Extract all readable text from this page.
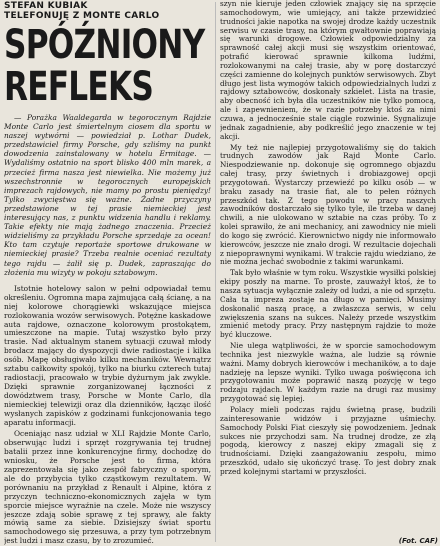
STEFAN KUBIAK

TELEFONUJĘ Z MONTE CARLO

SPÓŹNIONY
REFLEKS

— Porażka Waaldegarda w tegorocznym Rajdzie Monte Carlo jest śmiertelnym ciosem dla sportu w naszej wytwórni — powiedział p. Lothar Dudek, przedstawiciel firmy Porsche, gdy szliśmy na punkt dowodzenia zainstalowany w hotelu Ermitage. — Wydaliśmy ostatnio na sport blisko 400 mln marek, a przecież firma nasza jest niewielka. Nie możemy już wszechstronnie w tegorocznych europejskich imprezach rajdowych, nie mamy po prostu pieniędzy! Tylko zwycięstwa się ważne. Żadne przyczyny przedstawione w tej prasie niemieckiej jest interesujący nas, z punktu widzenia handlu i reklamy. Takie efekty nie mają żadnego znaczenia. Przecież widzieliśmy za przykładu Porsche sprzedaje za ocean! Kto tam czytuje reportaże sportowe drukowane w niemieckiej prasie? Trzeba realnie oceniać rezultaty tego rajdu — żalił się p. Dudek, zapraszając do złożenia mu wizyty w pokoju sztabowym.

Istotnie hotelowy salon w pełni odpowiadał temu określeniu. Ogromna mapa zajmująca całą ścianę, a na niej kolorowe chorągiewki wskazujące miejsca rozlokowania wozów serwisowych. Potężne kaskadowe auta rajdowe, oznaczone kolorowym prostokątem, umieszczone na mapie. Tutaj wszystko było przy trasie. Nad aktualnym stanem sytuacji czuwał młody brodacz mający do dyspozycji dwie radiostacje i kilka osób. Mapę obsługiwało kilku mechaników. Wewnątrz sztabu całkowity spokój, tylko na biurku czterech tutaj radiostacji, pracowało w trybie dyżurnym jak zwykle. Dzięki sprawnie zorganizowanej łączności z dowództwem trasy, Porsche w Monte Carlo, dla niemieckiej telewizji oraz dla dzienników, łącząc ilość wysłanych zapisków z godzinami funkcjonowania tego aparatu informacji.

Oceniając nasz udział w XLI Rajdzie Monte Carlo, obserwując ludzi i sprzęt rozgrywania tej trudnej batalii przez inne konkurencyjne firmy, dochodzę do wniosku, że Porsche jest to firma, która zaprezentowała się jako zespół fabryczny o sporym, ale do przybycia tylko cząstkowym rezultatem. W porównaniu na przykład z Renault i Alpine, która z przyczyn techniczno-ekonomicznych zajęła w tym sporcie miejsce wyraźnie na czele. Może nie wszyscy jeszcze zdają sobie sprawę z tej sprawy, ale fakty mówią same za siebie. Dzisiejszy świat sportu samochodowego się przesuwa, a przy tym potrzebnym jest ludzi i masz czasu, by to zrozumieć.

szyn nie kieruje jeden człowiek znający się na sprzęcie samochodowym, wie umiejący, ani także przewidzieć trudności jakie napotka na swojej drodze każdy uczestnik serwisu w czasie trasy, na którym gwałtownie poprawiają się warunki drogowe. Człowiek odpowiedzialny za sprawność całej akcji musi się wszystkim orientować, potrafić kierować sprawnie kilkoma ludźmi, rozlokowanymi na całej trasie, aby w porę dostarczyć części zamienne do kolejnych punktów serwisowych. Zbyt długo jest lista wymogów takich odpowiedzialnych ludzi z rajdowy sztabowców, doskonały szkielet. Lista na trasie, aby obecność ich była dla uczestników nie tylko pomocą, ale i zapewnieniem, że w razie potrzeby ktoś za nimi czuwa, a jednocześnie stale ciągle rozwinie. Sygnalizuje jednak zagadnienie, aby podkreślić jego znaczenie w tej akcji.

My też nie najlepiej przygotowaliśmy się do takich trudnych zawodów jak Rajd Monte Carlo. Niespodziewanie np. dokonuje się ogromnego objazdu całej trasy, przy świetnych i drobiazgowej opcji przygotowań. Wystarczy przewieźć po kilku osób — w braku zasady na trasie fiat, ale to pełen różnych przeszkód tak. Z tego powodu w pracy naszych zawodników dostarczało się tylko tyle, ile trzeba w danej chwili, a nie ulokowano w sztabie na czas próby. To z kolei sprawiło, że ani mechanicy, ani zawodnicy nie mieli do kogo się zwrócić. Kierownictwo nigdy nie informowało kierowców, jeszcze nie znało drogi. W rezultacie dojechali z niepoprawnymi wynikami. W trakcie rajdu wiedziano, że nie można jechać swobodnie z takimi warunkami.

Tak było właśnie w tym roku. Wszystkie wysiłki polskiej ekipy poszły na marne. To proste, zauważył ktoś, że to nasza sytuacja wyłącznie zależy od ludzi, a nie od sprzętu. Cała ta impreza zostaje na długo w pamięci. Musimy doskonalić naszą pracę, a zwłaszcza serwis, w celu zwiększenia szans na sukces. Należy przede wszystkim zmienić metody pracy. Przy następnym rajdzie to może być kluczowe.

Nie ulega wątpliwości, że w sporcie samochodowym technika jest niezwykle ważna, ale ludzie są równie ważni. Mamy dobrych kierowców i mechaników, a to daje nadzieję na lepsze wyniki. Tylko uwaga poświęcona ich przygotowaniu może poprawić naszą pozycję w tego rodzaju rajdach. W każdym razie na drugi raz musimy przygotować się lepiej.

Polacy mieli podczas rajdu świetną prasę, budzili zainteresowanie widzów i przyjazne uśmiechy. Samochody Polski Fiat cieszyły się powodzeniem. Jednak sukces nie przychodzi sam. Na trudnej drodze, ze złą pogodą, kierowcy z naszej ekipy zmagali się z trudnościami. Dzięki zaangażowaniu zespołu, mimo przeszkód, udało się ukończyć trasę. To jest dobry znak przed kolejnymi startami w przyszłości.

(Fot. CAF)
